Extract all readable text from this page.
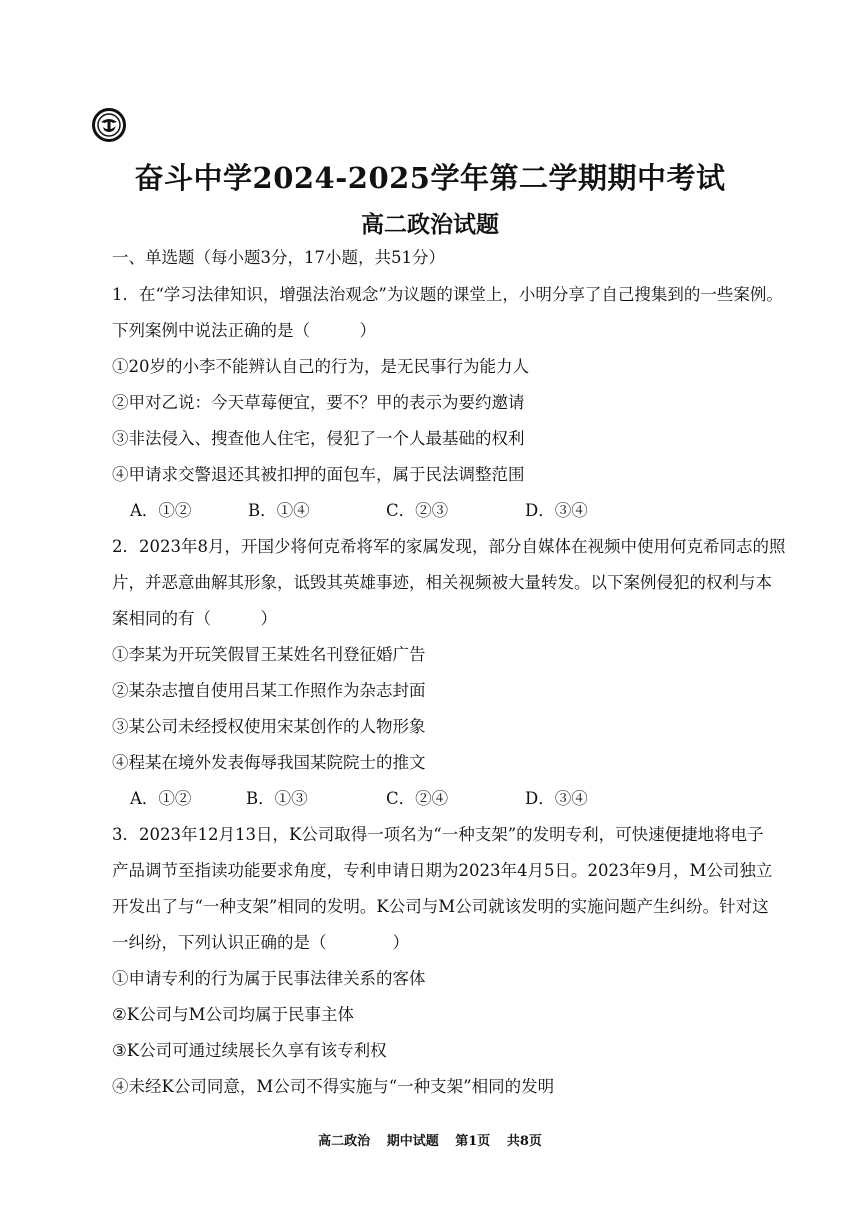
奋斗中学2024-2025学年第二学期期中考试
高二政治试题
一、单选题（每小题3分，17小题，共51分）
1．在“学习法律知识，增强法治观念”为议题的课堂上，小明分享了自己搜集到的一些案例。
下列案例中说法正确的是（　　　）
①20岁的小李不能辨认自己的行为，是无民事行为能力人
②甲对乙说：今天草莓便宜，要不？甲的表示为要约邀请
③非法侵入、搜查他人住宅，侵犯了一个人最基础的权利
④甲请求交警退还其被扣押的面包车，属于民法调整范围
A．①②	B．①④	C．②③	D．③④
2．2023年8月，开国少将何克希将军的家属发现，部分自媒体在视频中使用何克希同志的照
片，并恶意曲解其形象，诋毁其英雄事迹，相关视频被大量转发。以下案例侵犯的权利与本
案相同的有（　　　）
①李某为开玩笑假冒王某姓名刊登征婚广告
②某杂志擅自使用吕某工作照作为杂志封面
③某公司未经授权使用宋某创作的人物形象
④程某在境外发表侮辱我国某院院士的推文
A．①②	B．①③	C．②④	D．③④
3．2023年12月13日，K公司取得一项名为“一种支架”的发明专利，可快速便捷地将电子
产品调节至指读功能要求角度，专利申请日期为2023年4月5日。2023年9月，M公司独立
开发出了与“一种支架”相同的发明。K公司与M公司就该发明的实施问题产生纠纷。针对这
一纠纷，下列认识正确的是（　　　　）
①申请专利的行为属于民事法律关系的客体
②K公司与M公司均属于民事主体
③K公司可通过续展长久享有该专利权
④未经K公司同意，M公司不得实施与“一种支架”相同的发明
高二政治 期中试题 第1页 共8页
